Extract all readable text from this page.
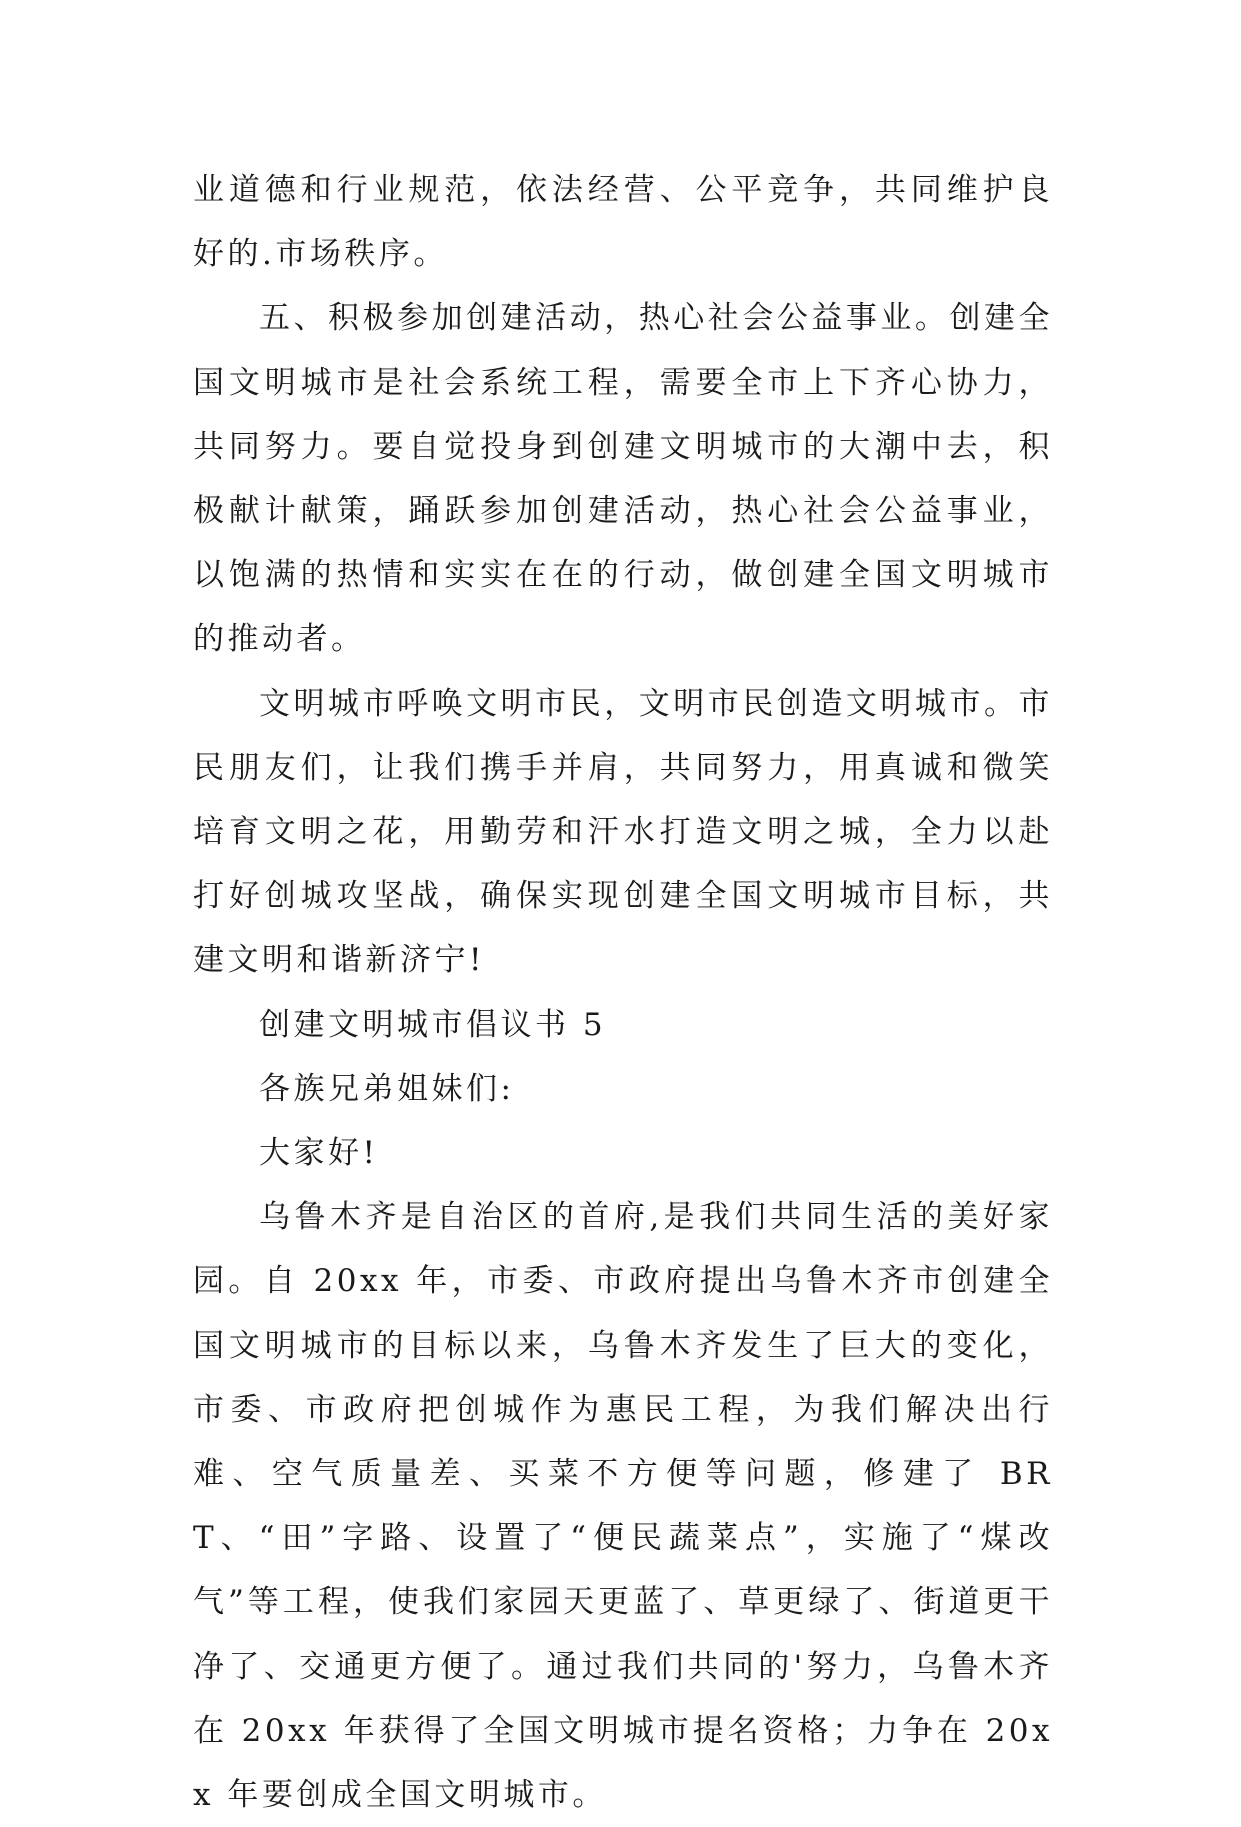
业道德和行业规范，依法经营、公平竞争，共同维护良好的.市场秩序。

五、积极参加创建活动，热心社会公益事业。创建全国文明城市是社会系统工程，需要全市上下齐心协力，共同努力。要自觉投身到创建文明城市的大潮中去，积极献计献策，踊跃参加创建活动，热心社会公益事业，以饱满的热情和实实在在的行动，做创建全国文明城市的推动者。

文明城市呼唤文明市民，文明市民创造文明城市。市民朋友们，让我们携手并肩，共同努力，用真诚和微笑培育文明之花，用勤劳和汗水打造文明之城，全力以赴打好创城攻坚战，确保实现创建全国文明城市目标，共建文明和谐新济宁!

创建文明城市倡议书 5

各族兄弟姐妹们:

大家好!

乌鲁木齐是自治区的首府,是我们共同生活的美好家园。自 20xx 年，市委、市政府提出乌鲁木齐市创建全国文明城市的目标以来，乌鲁木齐发生了巨大的变化，市委、市政府把创城作为惠民工程，为我们解决出行难、空气质量差、买菜不方便等问题，修建了 BRT、“田”字路、设置了“便民蔬菜点”，实施了“煤改气”等工程，使我们家园天更蓝了、草更绿了、街道更干净了、交通更方便了。通过我们共同的'努力，乌鲁木齐在 20xx 年获得了全国文明城市提名资格；力争在 20xx 年要创成全国文明城市。
